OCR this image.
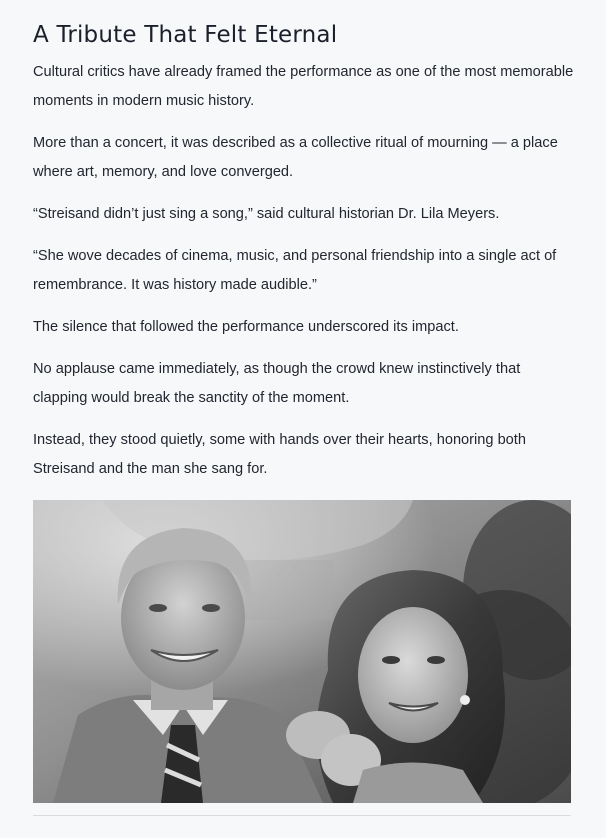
A Tribute That Felt Eternal

Cultural critics have already framed the performance as one of the most memorable moments in modern music history.

More than a concert, it was described as a collective ritual of mourning — a place where art, memory, and love converged.

“Streisand didn’t just sing a song,” said cultural historian Dr. Lila Meyers.

“She wove decades of cinema, music, and personal friendship into a single act of remembrance. It was history made audible.”

The silence that followed the performance underscored its impact.

No applause came immediately, as though the crowd knew instinctively that clapping would break the sanctity of the moment.

Instead, they stood quietly, some with hands over their hearts, honoring both Streisand and the man she sang for.
